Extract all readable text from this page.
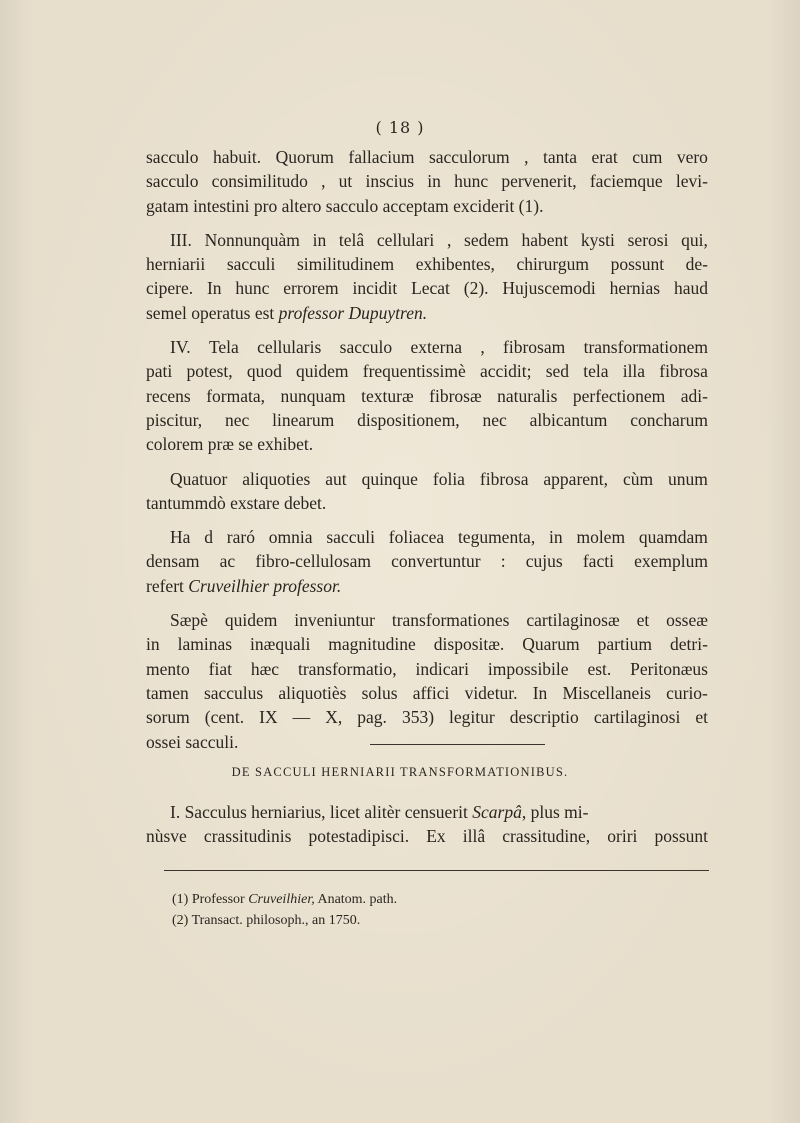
( 18 )
sacculo habuit. Quorum fallacium sacculorum , tanta erat cum vero
sacculo consimilitudo , ut inscius in hunc pervenerit, faciemque levi-
gatam intestini pro altero sacculo acceptam exciderit (1).
III. Nonnunquàm in telâ cellulari , sedem habent kysti serosi qui,
herniarii sacculi similitudinem exhibentes, chirurgum possunt de-
cipere. In hunc errorem incidit Lecat (2). Hujuscemodi hernias haud
semel operatus est
professor Dupuytren.
IV. Tela cellularis sacculo externa , fibrosam transformationem
pati potest, quod quidem frequentissimè accidit; sed tela illa fibrosa
recens formata, nunquam texturæ fibrosæ naturalis perfectionem adi-
piscitur, nec linearum dispositionem, nec albicantum concharum
colorem præ se exhibet.
Quatuor aliquoties aut quinque folia fibrosa apparent, cùm unum
tantummdò exstare debet.
Ha d raró omnia sacculi foliacea tegumenta, in molem quamdam
densam ac fibro-cellulosam convertuntur : cujus facti exemplum
refert
Cruveilhier professor.
Sæpè quidem inveniuntur transformationes cartilaginosæ et osseæ
in laminas inæquali magnitudine dispositæ. Quarum partium detri-
mento fiat hæc transformatio, indicari impossibile est. Peritonæus
tamen sacculus aliquotiès solus affici videtur. In Miscellaneis curio-
sorum (cent. IX — X, pag. 353) legitur descriptio cartilaginosi et
ossei sacculi.
DE SACCULI HERNIARII TRANSFORMATIONIBUS.
I. Sacculus herniarius, licet alitèr censuerit Scarpâ, plus mi-
nùsve crassitudinis potestadipisci. Ex illâ crassitudine, oriri possunt
(1) Professor Cruveilhier, Anatom. path.
(2) Transact. philosoph., an 1750.
